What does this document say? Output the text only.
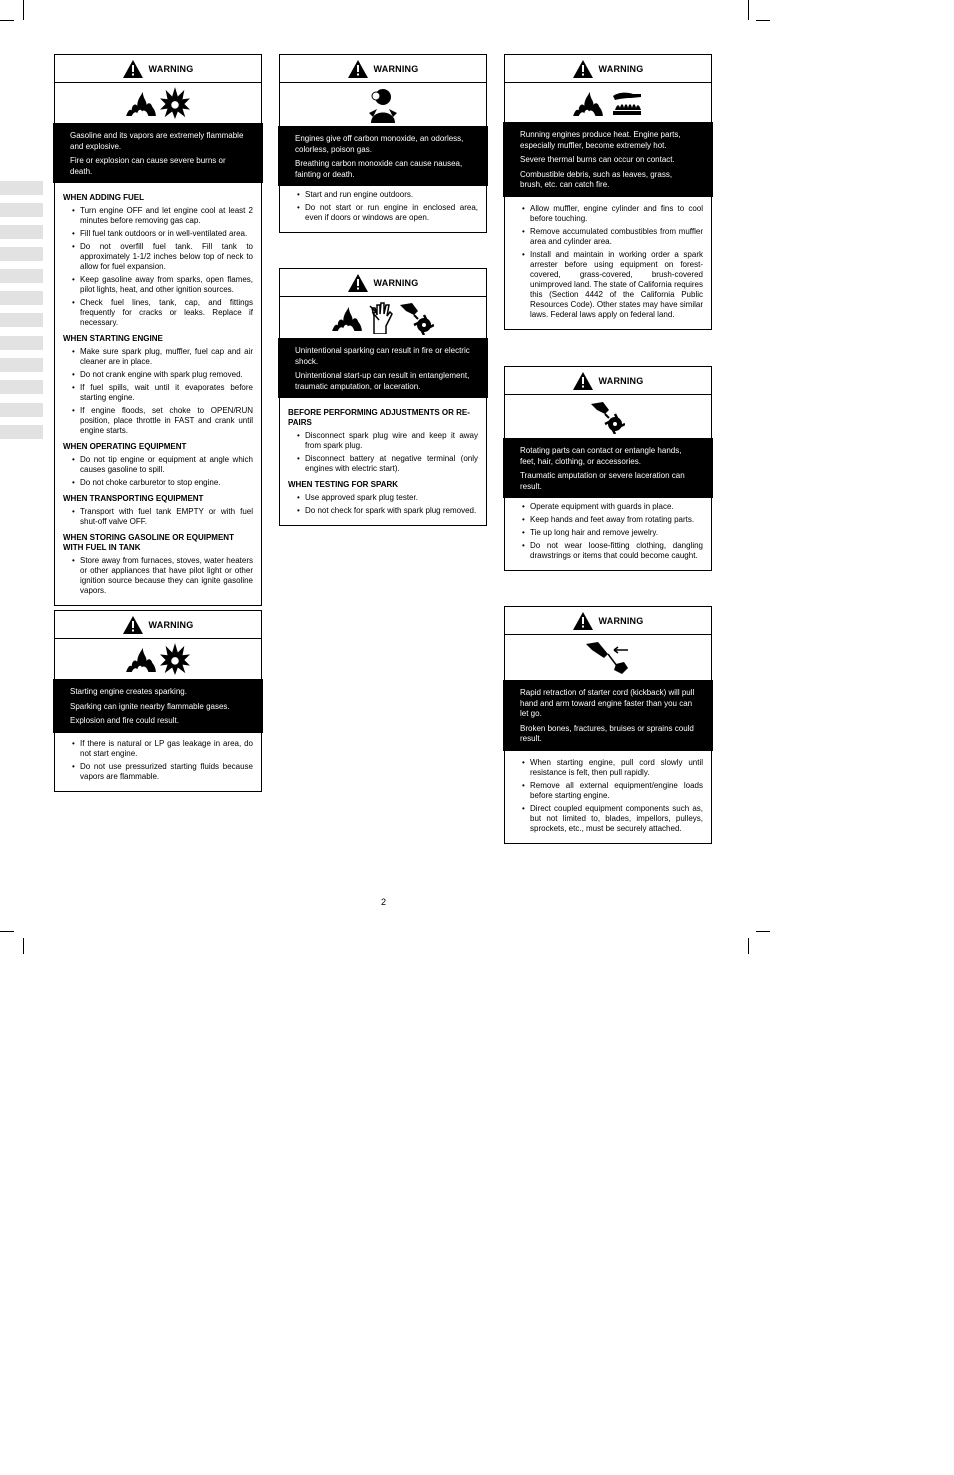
WARNING

Gasoline and its vapors are extremely flammable and explosive.

Fire or explosion can cause severe burns or death.

WHEN ADDING FUEL
• Turn engine OFF and let engine cool at least 2 minutes before removing gas cap.
• Fill fuel tank outdoors or in well-ventilated area.
• Do not overfill fuel tank. Fill tank to approximately 1-1/2 inches below top of neck to allow for fuel expansion.
• Keep gasoline away from sparks, open flames, pilot lights, heat, and other ignition sources.
• Check fuel lines, tank, cap, and fittings frequently for cracks or leaks. Replace if necessary.
WHEN STARTING ENGINE
• Make sure spark plug, muffler, fuel cap and air cleaner are in place.
• Do not crank engine with spark plug removed.
• If fuel spills, wait until it evaporates before starting engine.
• If engine floods, set choke to OPEN/RUN position, place throttle in FAST and crank until engine starts.
WHEN OPERATING EQUIPMENT
• Do not tip engine or equipment at angle which causes gasoline to spill.
• Do not choke carburetor to stop engine.
WHEN TRANSPORTING EQUIPMENT
• Transport with fuel tank EMPTY or with fuel shut-off valve OFF.
WHEN STORING GASOLINE OR EQUIPMENT WITH FUEL IN TANK
• Store away from furnaces, stoves, water heaters or other appliances that have pilot light or other ignition source because they can ignite gasoline vapors.
WARNING

Starting engine creates sparking.

Sparking can ignite nearby flammable gases.

Explosion and fire could result.

• If there is natural or LP gas leakage in area, do not start engine.
• Do not use pressurized starting fluids because vapors are flammable.
WARNING

Engines give off carbon monoxide, an odorless, colorless, poison gas.

Breathing carbon monoxide can cause nausea, fainting or death.

• Start and run engine outdoors.
• Do not start or run engine in enclosed area, even if doors or windows are open.
WARNING

Unintentional sparking can result in fire or electric shock.

Unintentional start-up can result in entanglement, traumatic amputation, or laceration.

BEFORE PERFORMING ADJUSTMENTS OR RE-PAIRS
• Disconnect spark plug wire and keep it away from spark plug.
• Disconnect battery at negative terminal (only engines with electric start).
WHEN TESTING FOR SPARK
• Use approved spark plug tester.
• Do not check for spark with spark plug removed.
WARNING

Running engines produce heat. Engine parts, especially muffler, become extremely hot.

Severe thermal burns can occur on contact.

Combustible debris, such as leaves, grass, brush, etc. can catch fire.

• Allow muffler, engine cylinder and fins to cool before touching.
• Remove accumulated combustibles from muffler area and cylinder area.
• Install and maintain in working order a spark arrester before using equipment on forest-covered, grass-covered, brush-covered unimproved land. The state of California requires this (Section 4442 of the California Public Resources Code). Other states may have similar laws. Federal laws apply on federal land.
WARNING

Rotating parts can contact or entangle hands, feet, hair, clothing, or accessories.

Traumatic amputation or severe laceration can result.

• Operate equipment with guards in place.
• Keep hands and feet away from rotating parts.
• Tie up long hair and remove jewelry.
• Do not wear loose-fitting clothing, dangling drawstrings or items that could become caught.
WARNING

Rapid retraction of starter cord (kickback) will pull hand and arm toward engine faster than you can let go.

Broken bones, fractures, bruises or sprains could result.

• When starting engine, pull cord slowly until resistance is felt, then pull rapidly.
• Remove all external equipment/engine loads before starting engine.
• Direct coupled equipment components such as, but not limited to, blades, impellors, pulleys, sprockets, etc., must be securely attached.
2
